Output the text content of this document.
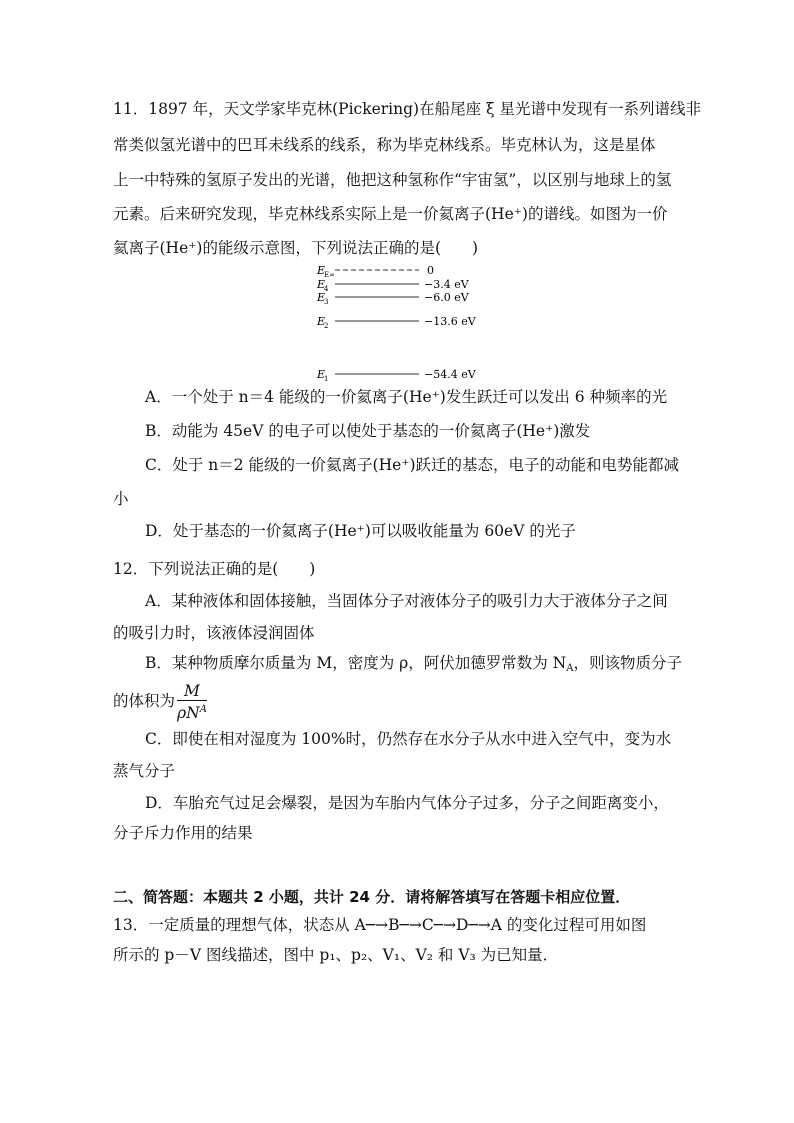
11．1897 年，天文学家毕克林(Pickering)在船尾座 ξ 星光谱中发现有一系列谱线非
常类似氢光谱中的巴耳未线系的线系，称为毕克林线系。毕克林认为，这是星体
上一中特殊的氢原子发出的光谱，他把这种氢称作“宇宙氢”，以区别与地球上的氢
元素。后来研究发现，毕克林线系实际上是一价氦离子(He⁺)的谱线。如图为一价
氦离子(He⁺)的能级示意图，下列说法正确的是(　　)
E
E∞	0
E
4	−3.4 eV
E
3	−6.0 eV
E
2	−13.6 eV
E
1	−54.4 eV
A．一个处于 n＝4 能级的一价氦离子(He⁺)发生跃迁可以发出 6 种频率的光
B．动能为 45eV 的电子可以使处于基态的一价氦离子(He⁺)激发
C．处于 n＝2 能级的一价氦离子(He⁺)跃迁的基态，电子的动能和电势能都减
小
D．处于基态的一价氦离子(He⁺)可以吸收能量为 60eV 的光子
12．下列说法正确的是(　　)
A．某种液体和固体接触，当固体分子对液体分子的吸引力大于液体分子之间
的吸引力时，该液体浸润固体
B．某种物质摩尔质量为 M，密度为 ρ，阿伏加德罗常数为 $N_A$，则该物质分子
的体积为 $\frac{M}{\rho N^A}$
C．即使在相对湿度为 100%时，仍然存在水分子从水中进入空气中，变为水
蒸气分子
D．车胎充气过足会爆裂，是因为车胎内气体分子过多，分子之间距离变小，
分子斥力作用的结果
二、简答题：本题共 2 小题，共计 24 分．请将解答填写在答题卡相应位置．
13．一定质量的理想气体，状态从 A─→B─→C─→D─→A 的变化过程可用如图
所示的 p－V 图线描述，图中 p₁、p₂、V₁、V₂ 和 V₃ 为已知量．
